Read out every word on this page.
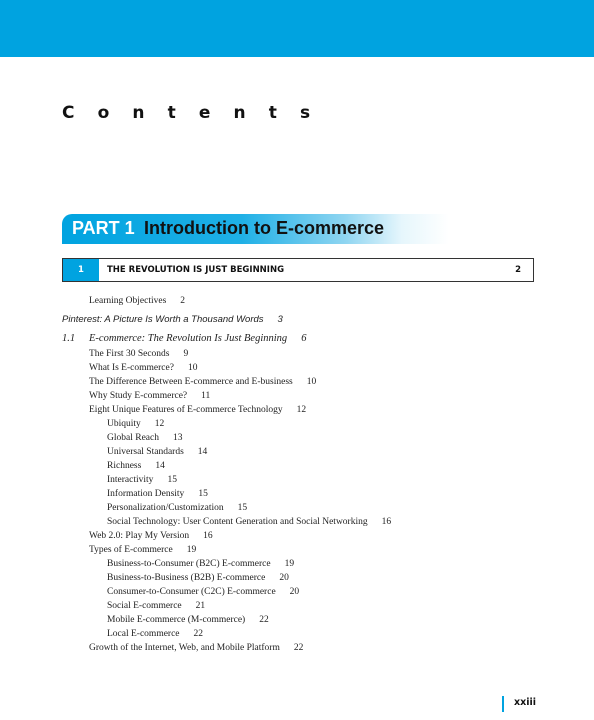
C o n t e n t s
PART 1 Introduction to E-commerce
1	THE REVOLUTION IS JUST BEGINNING	2
Learning Objectives 2
Pinterest: A Picture Is Worth a Thousand Words 3
1.1 E-commerce: The Revolution Is Just Beginning 6
The First 30 Seconds 9
What Is E-commerce? 10
The Difference Between E-commerce and E-business 10
Why Study E-commerce? 11
Eight Unique Features of E-commerce Technology 12
Ubiquity 12
Global Reach 13
Universal Standards 14
Richness 14
Interactivity 15
Information Density 15
Personalization/Customization 15
Social Technology: User Content Generation and Social Networking 16
Web 2.0: Play My Version 16
Types of E-commerce 19
Business-to-Consumer (B2C) E-commerce 19
Business-to-Business (B2B) E-commerce 20
Consumer-to-Consumer (C2C) E-commerce 20
Social E-commerce 21
Mobile E-commerce (M-commerce) 22
Local E-commerce 22
Growth of the Internet, Web, and Mobile Platform 22
xxiii
